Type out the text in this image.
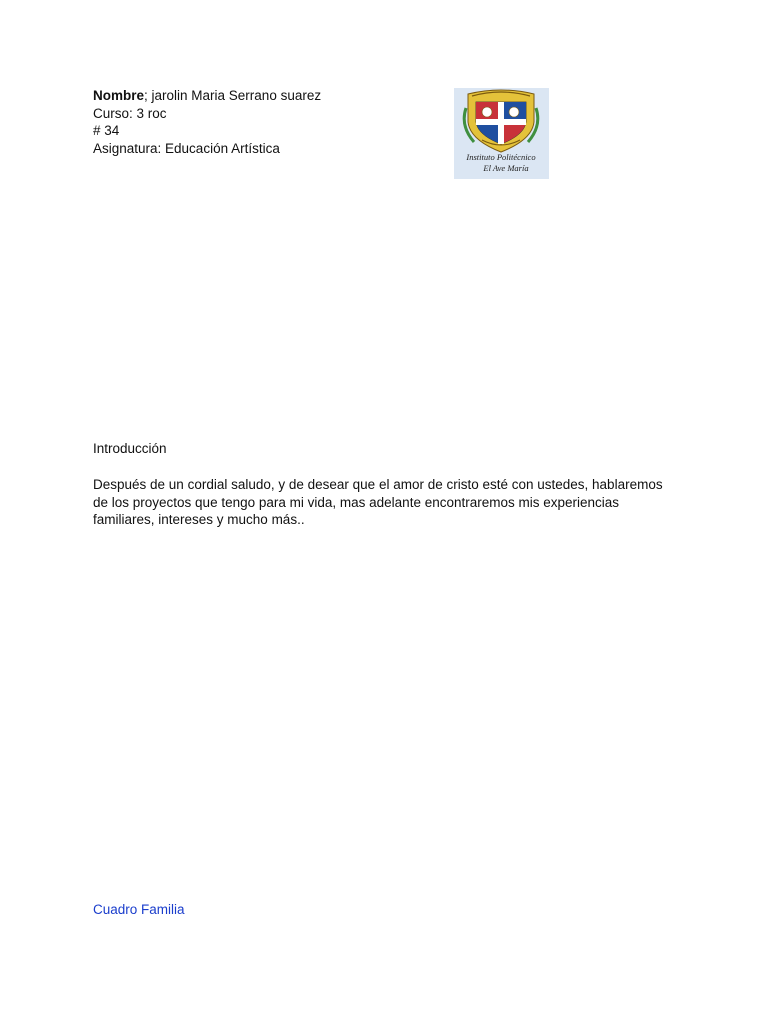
Nombre; jarolin Maria Serrano suarez
Curso: 3 roc
# 34
Asignatura: Educación Artística
Instituto Politécnico
El Ave María
Introducción
Después de un cordial saludo, y de desear que el amor de cristo esté con ustedes, hablaremos de los proyectos que tengo para mi vida, mas adelante encontraremos mis experiencias familiares, intereses y mucho más..
Cuadro Familia
